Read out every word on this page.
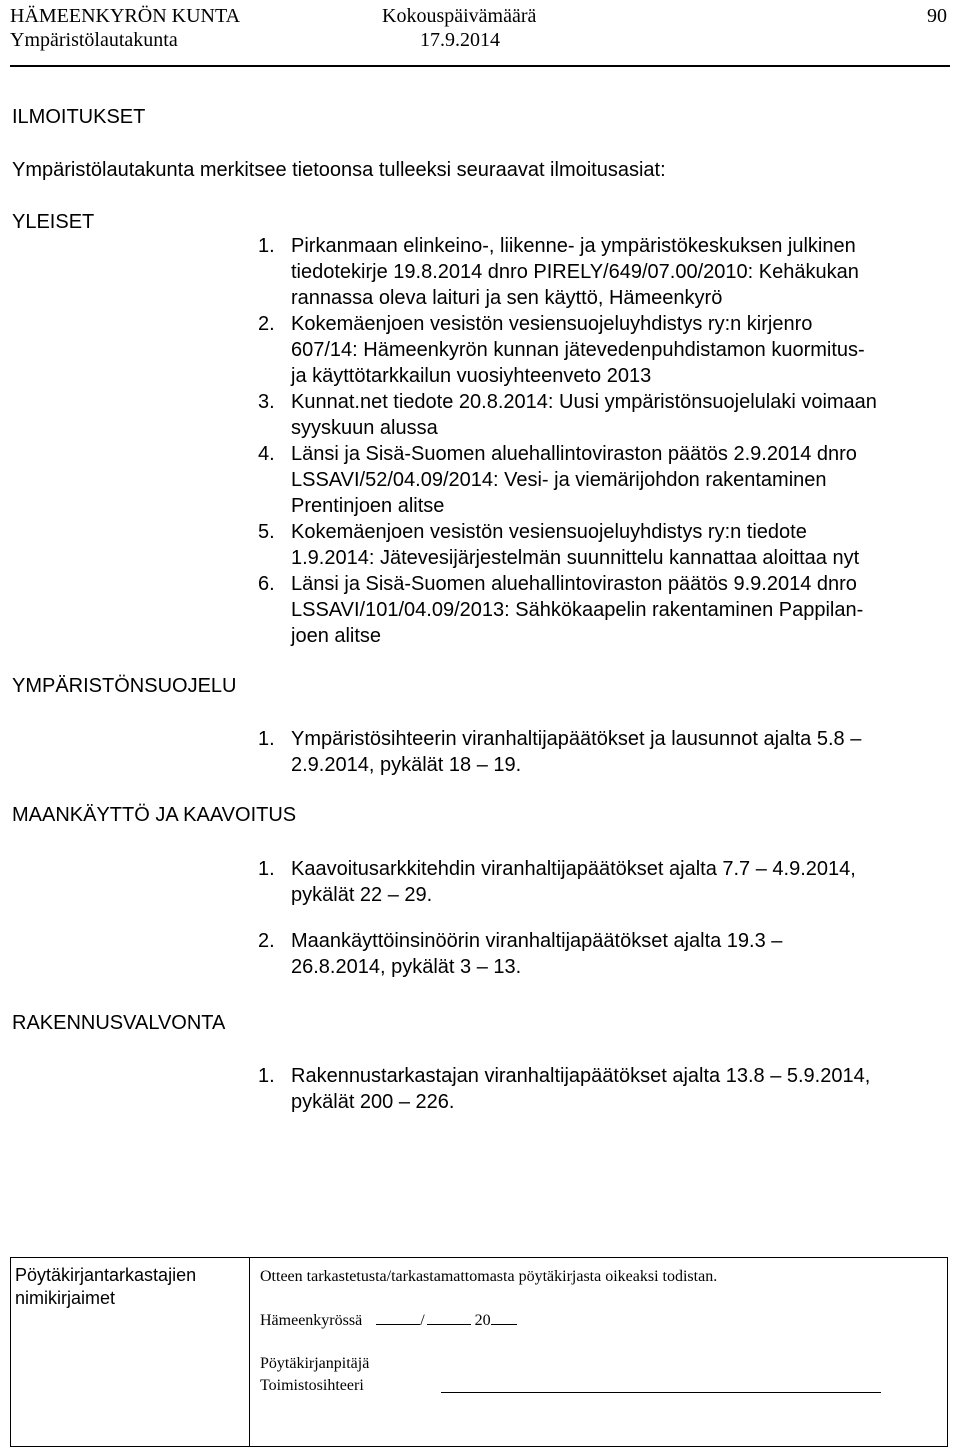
HÄMEENKYRÖN KUNTA	Kokouspäivämäärä	90
Ympäristölautakunta	17.9.2014
ILMOITUKSET
Ympäristölautakunta merkitsee tietoonsa tulleeksi seuraavat ilmoitusasiat:
YLEISET
YMPÄRISTÖNSUOJELU
MAANKÄYTTÖ JA KAAVOITUS
RAKENNUSVALVONTA
1. Pirkanmaan elinkeino-, liikenne- ja ympäristökeskuksen julkinen
tiedotekirje 19.8.2014 dnro PIRELY/649/07.00/2010: Kehäkukan
rannassa oleva laituri ja sen käyttö, Hämeenkyrö
2. Kokemäenjoen vesistön vesiensuojeluyhdistys ry:n kirjenro
607/14: Hämeenkyrön kunnan jätevedenpuhdistamon kuormitus-
ja käyttötarkkailun vuosiyhteenveto 2013
3. Kunnat.net tiedote 20.8.2014: Uusi ympäristönsuojelulaki voimaan
syyskuun alussa
4. Länsi ja Sisä-Suomen aluehallintoviraston päätös 2.9.2014 dnro
LSSAVI/52/04.09/2014: Vesi- ja viemärijohdon rakentaminen
Prentinjoen alitse
5. Kokemäenjoen vesistön vesiensuojeluyhdistys ry:n tiedote
1.9.2014: Jätevesijärjestelmän suunnittelu kannattaa aloittaa nyt
6. Länsi ja Sisä-Suomen aluehallintoviraston päätös 9.9.2014 dnro
LSSAVI/101/04.09/2013: Sähkökaapelin rakentaminen Pappilan-
joen alitse
1. Ympäristösihteerin viranhaltijapäätökset ja lausunnot ajalta 5.8 –
2.9.2014, pykälät 18 – 19.
1. Kaavoitusarkkitehdin viranhaltijapäätökset ajalta 7.7 – 4.9.2014,
pykälät 22 – 29.
2. Maankäyttöinsinöörin viranhaltijapäätökset ajalta 19.3 –
26.8.2014, pykälät 3 – 13.
1. Rakennustarkastajan viranhaltijapäätökset ajalta 13.8 – 5.9.2014,
pykälät 200 – 226.
Pöytäkirjantarkastajien
nimikirjaimet
Otteen tarkastetusta/tarkastamattomasta pöytäkirjasta oikeaksi todistan.
Hämeenkyrössä	/	20
Pöytäkirjanpitäjä
Toimistosihteeri
